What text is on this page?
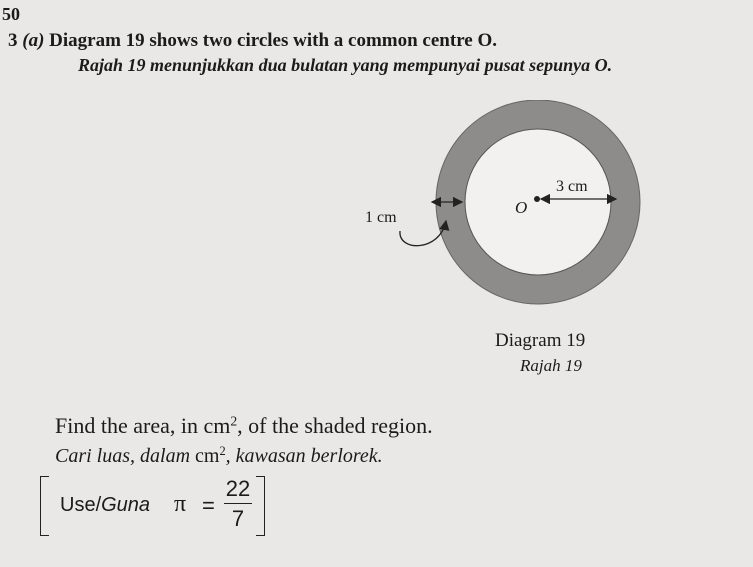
50
3 (a) Diagram 19 shows two circles with a common centre O.
Rajah 19 menunjukkan dua bulatan yang mempunyai pusat sepunya O.
O
3 cm
1 cm
Diagram 19
Rajah 19
Find the area, in $cm^2$, of the shaded region.
Cari luas, dalam $cm^2$, kawasan berlorek.
Use/Guna π =
22
7
